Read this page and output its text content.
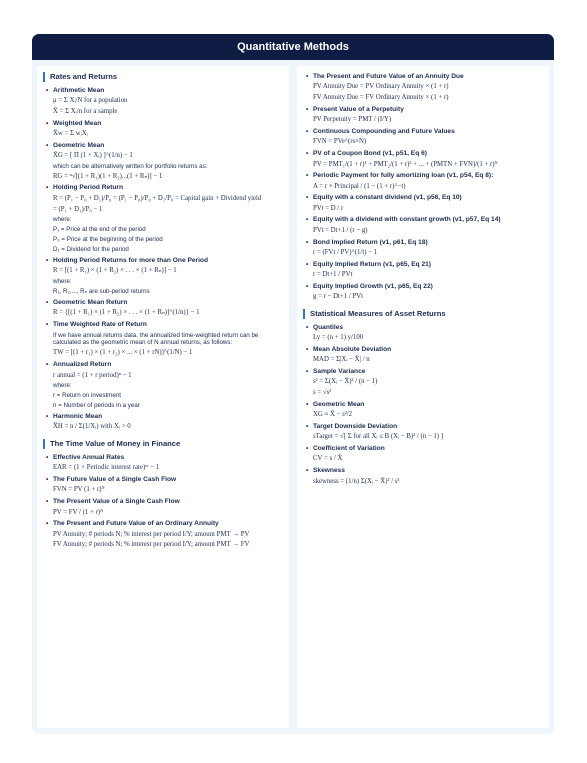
Quantitative Methods
Rates and Returns
• Arithmetic Mean
μ = Σ Xᵢ/N for a population
X̄ = Σ Xᵢ/n for a sample
• Weighted Mean
X̄w = Σ wᵢXᵢ
• Geometric Mean
X̄G = [ Π (1 + Xᵢ) ]^(1/n) − 1
which can be alternatively written for portfolio returns as:
RG = ⁿ√[(1 + R₁)(1 + R₂)...(1 + Rₙ)] − 1
• Holding Period Return
R = (P₁ − P₀ + D₁)/P₀ = (P₁ − P₀)/P₀ + D₁/P₀ = Capital gain + Dividend yield
= (P₁ + D₁)/P₀ − 1
where:
P₁ = Price at the end of the period
P₀ = Price at the beginning of the period
D₁ = Dividend for the period
• Holding Period Returns for more than One Period
R = [(1 + R₁) × (1 + R₂) × . . . × (1 + Rₙ)] − 1
where:
R₁, R₂,..., Rₙ are sub-period returns
• Geometric Mean Return
R = {[(1 + R₁) × (1 + R₂) × . . . × (1 + Rₙ)]^(1/n)} − 1
• Time Weighted Rate of Return
If we have annual returns data, the annualized time-weighted return can be calculated as the geometric mean of N annual returns, as follows:
TW = [(1 + r₁) × (1 + r₂) × ... × (1 + rN)]^(1/N) − 1
• Annualized Return
r annual = (1 + r period)ⁿ − 1
where:
r = Return on investment
n = Number of periods in a year
• Harmonic Mean
X̄H = n / Σ(1/Xᵢ) with Xᵢ > 0
The Time Value of Money in Finance
• Effective Annual Rates
EAR = (1 + Periodic interest rate)ᵐ − 1
• The Future Value of a Single Cash Flow
FVN = PV (1 + r)ᴺ
• The Present Value of a Single Cash Flow
PV = FV / (1 + r)ᴺ
• The Present and Future Value of an Ordinary Annuity
PV Annuity; # periods N; % interest per period I/Y; amount PMT → PV
FV Annuity; # periods N; % interest per period I/Y; amount PMT → FV
• The Present and Future Value of an Annuity Due
PV Annuity Due = PV Ordinary Annuity × (1 + r)
FV Annuity Due = FV Ordinary Annuity × (1 + r)
• Present Value of a Perpetuity
PV Perpetuity = PMT / (I/Y)
• Continuous Compounding and Future Values
FVN = PVe^(rs×N)
• PV of a Coupon Bond (v1, p51, Eq 6)
PV = PMT₁/(1 + r)¹ + PMT₂/(1 + r)² + ... + (PMTN + FVN)/(1 + r)ᴺ
• Periodic Payment for fully amortizing loan (v1, p54, Eq 8):
A = r × Principal / (1 − (1 + r)^−t)
• Equity with a constant dividend (v1, p56, Eq 10)
PVt = D / r
• Equity with a dividend with constant growth (v1, p57, Eq 14)
PVt = Dt+1 / (r − g)
• Bond Implied Return (v1, p61, Eq 18)
r = (FVt / PV)^(1/t) − 1
• Equity Implied Return (v1, p65, Eq 21)
r = Dt+1 / PVt
• Equity Implied Growth (v1, p65, Eq 22)
g = r − Dt+1 / PVt
Statistical Measures of Asset Returns
• Quantiles
Ly = (n + 1) y/100
• Mean Absolute Deviation
MAD = Σ|Xᵢ − X̄| / n
• Sample Variance
s² = Σ(Xᵢ − X̄)² / (n − 1)
s = √s²
• Geometric Mean
XG ≈ X̄ − s²/2
• Target Downside Deviation
sTarget = √[ Σ for all Xᵢ ≤ B (Xᵢ − B)² / (n − 1) ]
• Coefficient of Variation
CV = s / X̄
• Skewness
skewness = (1/n) Σ(Xᵢ − X̄)³ / s³
